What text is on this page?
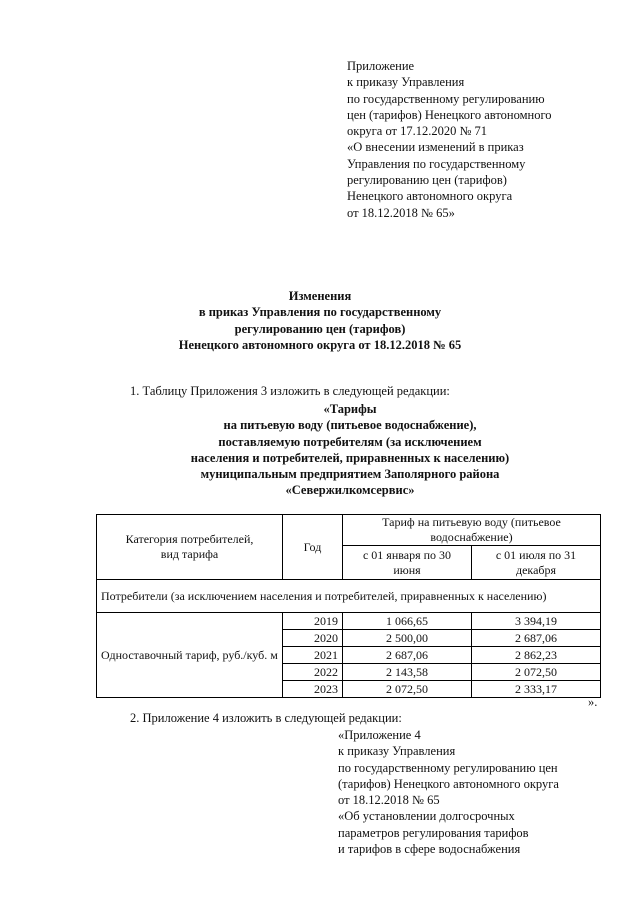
Приложение
к приказу Управления
по государственному регулированию
цен (тарифов) Ненецкого автономного
округа от 17.12.2020 № 71
«О внесении изменений в приказ
Управления по государственному
регулированию цен (тарифов)
Ненецкого автономного округа
от 18.12.2018 № 65»
Изменения
в приказ Управления по государственному
регулированию цен (тарифов)
Ненецкого автономного округа от 18.12.2018 № 65
1. Таблицу Приложения 3 изложить в следующей редакции:
«Тарифы
на питьевую воду (питьевое водоснабжение),
поставляемую потребителям (за исключением
населения и потребителей, приравненных к населению)
муниципальным предприятием Заполярного района
«Севержилкомсервис»
Категория потребителей, вид тарифа	Год	Тариф на питьевую воду (питьевое водоснабжение)	
		с 01 января по 30 июня	с 01 июля по 31 декабря
Потребители (за исключением населения и потребителей, приравненных к населению)			
Одноставочный тариф, руб./куб. м	2019	1 066,65	3 394,19
	2020	2 500,00	2 687,06
	2021	2 687,06	2 862,23
	2022	2 143,58	2 072,50
	2023	2 072,50	2 333,17
».
2. Приложение 4 изложить в следующей редакции:
«Приложение 4
к приказу Управления
по государственному регулированию цен
(тарифов) Ненецкого автономного округа
от 18.12.2018 № 65
«Об установлении долгосрочных
параметров регулирования тарифов
и тарифов в сфере водоснабжения
